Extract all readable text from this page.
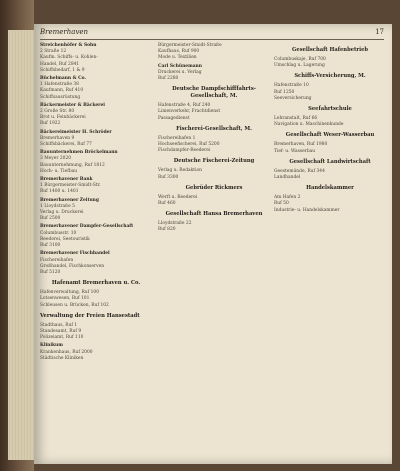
Bremerhaven	17
Streichenhöfer & Sohn
2 Straße 12
Kaufm. Schiffs- u. Kohlen-
Handel, Ruf 2841
Schiffsbedarf, 1 & 9
Büchelmann & Co.
1 Hafenstraße 38
Kaufmann, Ruf 410
Schiffsausrüstung
Bäckermeister & Bäckerei
2 Große Str. 80
Brot u. Feinbäckerei
Ruf 1922
Bäckereimeister H. Schröder
Bremerhaven 9
Schiffsbäckerei, Ruf 77
Bauunternehmen Bröckelmann
3 Meyer 2020
Bauunternehmung, Ruf 1812
Hoch- u. Tiefbau
Bremerhavener Bank
1 Bürgermeister-Smidt-Str.
Ruf 1400 u. 1401
Bremerhavener Zeitung
1 Lloydstraße 5
Verlag u. Druckerei
Ruf 2500
Bremerhavener Dampfer-Gesellschaft
Columbusstr. 10
Reederei, Seetouristik
Ruf 3100
Bremerhavener Fischhandel
Fischereihafen
Großhandel, Fischkonserven
Ruf 5120
Hafenamt Bremerhaven u. Co.
Hafenverwaltung, Ruf 100
Lotsenwesen, Ruf 101
Schleusen u. Brücken, Ruf 102
Verwaltung der Freien Hansestadt
Stadthaus, Ruf 1
Standesamt, Ruf 9
Polizeiamt, Ruf 110
Klinikum
Krankenhaus, Ruf 2000
Städtische Kliniken
Bürgermeister-Smidt-Straße
Kaufhaus, Ruf 900
Mode u. Textilien
Carl Schünemann
Druckerei u. Verlag
Ruf 2280
Deutsche Dampfschifffahrts-Gesellschaft, M.
Hafenstraße 4, Ruf 240
Linienverkehr, Frachtdienst
Passagedienst
Fischerei-Gesellschaft, M.
Fischereihafen 1
Hochseefischerei, Ruf 5200
Fischdampfer-Reederei
Deutsche Fischerei-Zeitung
Verlag u. Redaktion
Ruf 3300
Gebrüder Rickmers
Werft u. Reederei
Ruf 460
Gesellschaft Hansa Bremerhaven
Lloydstraße 22
Ruf 820
Gesellschaft Hafenbetrieb
Columbuskaje, Ruf 700
Umschlag u. Lagerung
Schiffs-Versicherung, M.
Hafenstraße 10
Ruf 1250
Seeversicherung
Seefahrtschule
Lehranstalt, Ruf 66
Navigation u. Maschinenkunde
Gesellschaft Weser-Wasserbau
Bremerhaven, Ruf 1980
Tief- u. Wasserbau
Gesellschaft Landwirtschaft
Geestemünde, Ruf 344
Landhandel
Handelskammer
Am Hafen 2
Ruf 50
Industrie- u. Handelskammer
